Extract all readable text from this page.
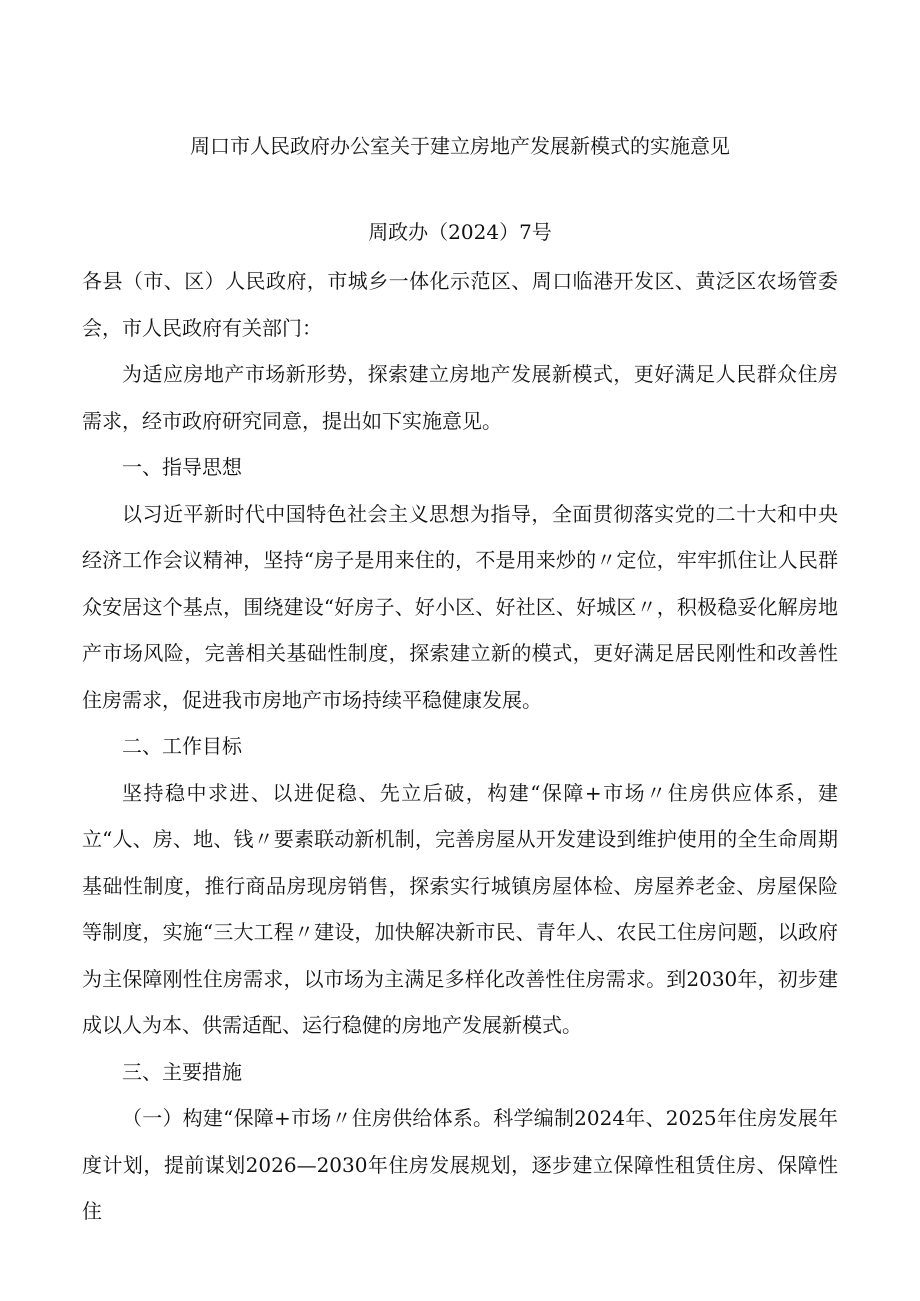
周口市人民政府办公室关于建立房地产发展新模式的实施意见
周政办（2024）7号

各县（市、区）人民政府，市城乡一体化示范区、周口临港开发区、黄泛区农场管委会，市人民政府有关部门：

为适应房地产市场新形势，探索建立房地产发展新模式，更好满足人民群众住房需求，经市政府研究同意，提出如下实施意见。

一、指导思想

以习近平新时代中国特色社会主义思想为指导，全面贯彻落实党的二十大和中央经济工作会议精神，坚持“房子是用来住的，不是用来炒的〃定位，牢牢抓住让人民群众安居这个基点，围绕建设“好房子、好小区、好社区、好城区〃，积极稳妥化解房地产市场风险，完善相关基础性制度，探索建立新的模式，更好满足居民刚性和改善性住房需求，促进我市房地产市场持续平稳健康发展。

二、工作目标

坚持稳中求进、以进促稳、先立后破，构建“保障+市场〃住房供应体系，建立“人、房、地、钱〃要素联动新机制，完善房屋从开发建设到维护使用的全生命周期基础性制度，推行商品房现房销售，探索实行城镇房屋体检、房屋养老金、房屋保险等制度，实施“三大工程〃建设，加快解决新市民、青年人、农民工住房问题，以政府为主保障刚性住房需求，以市场为主满足多样化改善性住房需求。到2030年，初步建成以人为本、供需适配、运行稳健的房地产发展新模式。

三、主要措施

（一）构建“保障+市场〃住房供给体系。科学编制2024年、2025年住房发展年度计划，提前谋划2026—2030年住房发展规划，逐步建立保障性租赁住房、保障性住
